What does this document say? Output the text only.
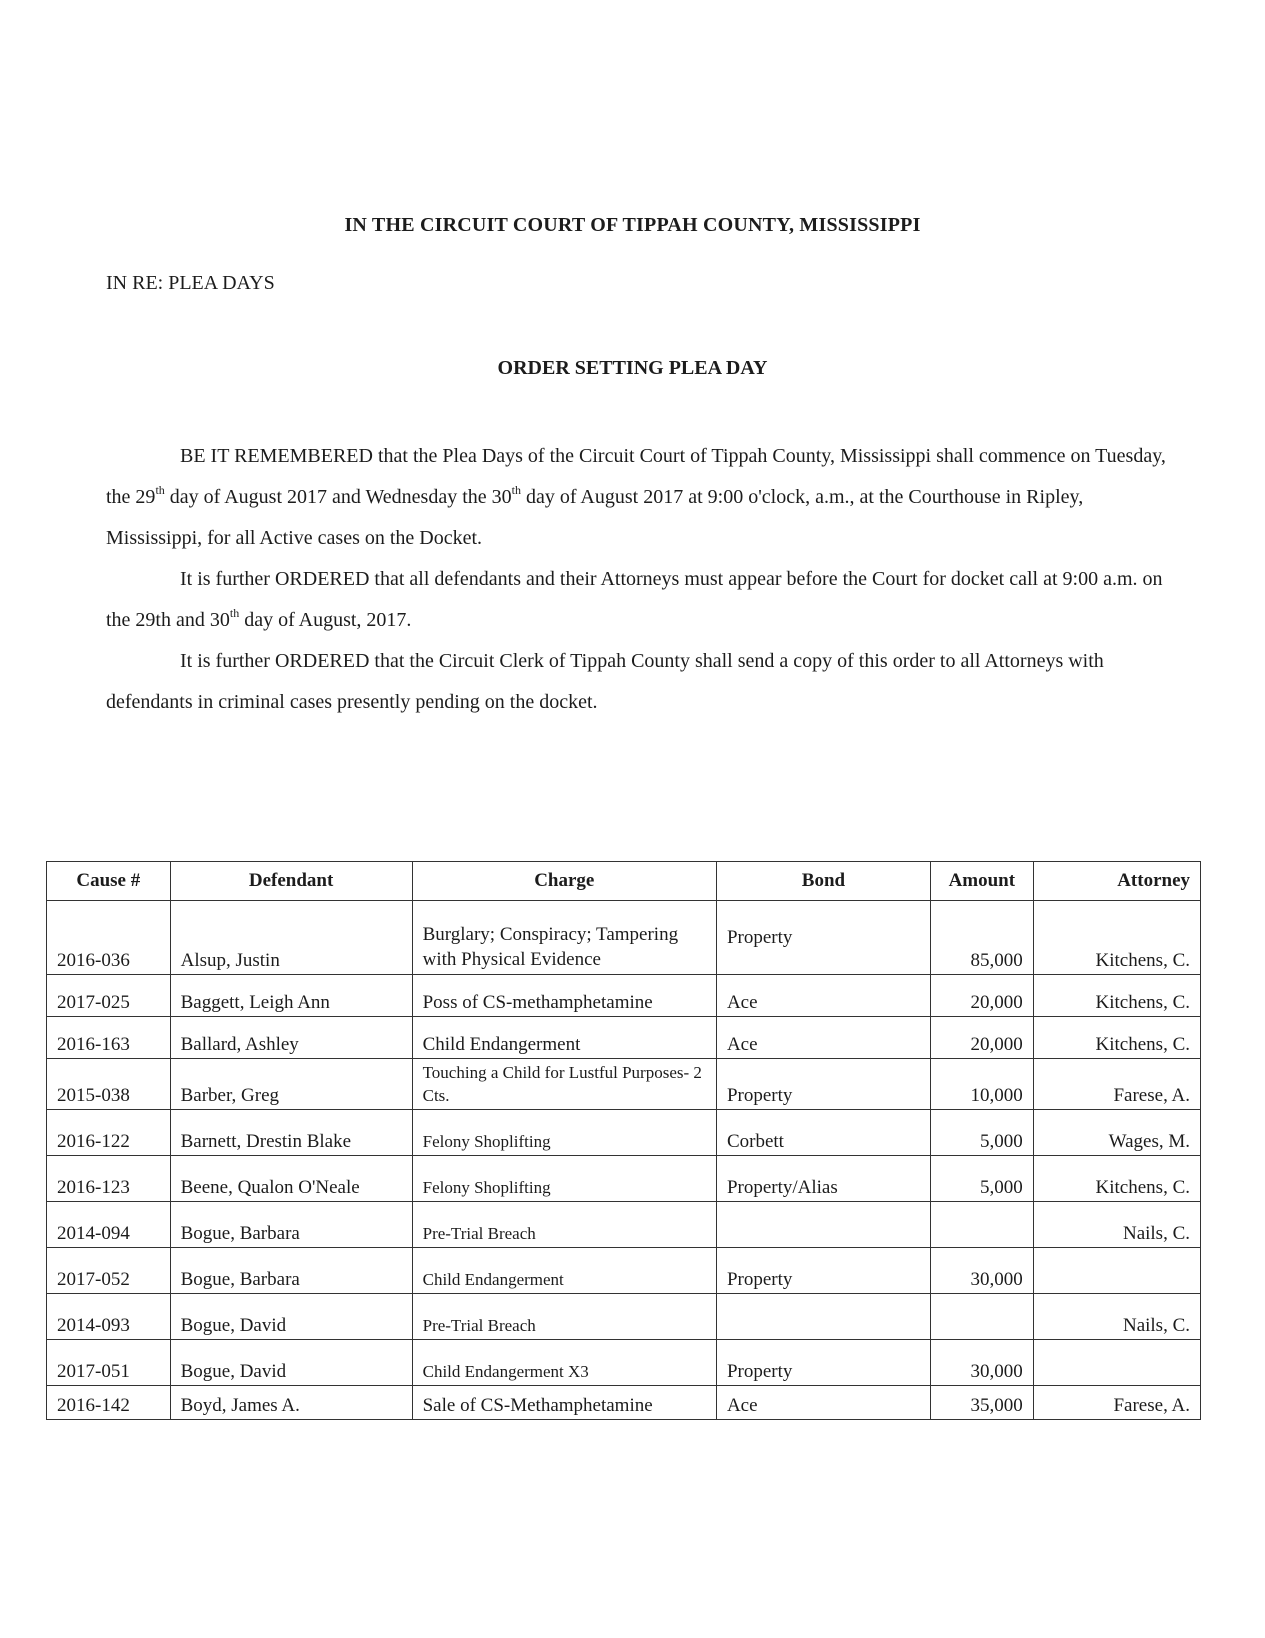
IN THE CIRCUIT COURT OF TIPPAH COUNTY, MISSISSIPPI
IN RE: PLEA DAYS
ORDER SETTING PLEA DAY

BE IT REMEMBERED that the Plea Days of the Circuit Court of Tippah County, Mississippi shall commence on Tuesday, the 29th day of August 2017 and Wednesday the 30th day of August 2017 at 9:00 o'clock, a.m., at the Courthouse in Ripley, Mississippi, for all Active cases on the Docket.

It is further ORDERED that all defendants and their Attorneys must appear before the Court for docket call at 9:00 a.m. on the 29th and 30th day of August, 2017.

It is further ORDERED that the Circuit Clerk of Tippah County shall send a copy of this order to all Attorneys with defendants in criminal cases presently pending on the docket.

Cause #	Defendant	Charge	Bond	Amount	Attorney
2016-036	Alsup, Justin	Burglary; Conspiracy; Tampering with Physical Evidence	Property	85,000	Kitchens, C.
2017-025	Baggett, Leigh Ann	Poss of CS-methamphetamine	Ace	20,000	Kitchens, C.
2016-163	Ballard, Ashley	Child Endangerment	Ace	20,000	Kitchens, C.
2015-038	Barber, Greg	Touching a Child for Lustful Purposes- 2 Cts.	Property	10,000	Farese, A.
2016-122	Barnett, Drestin Blake	Felony Shoplifting	Corbett	5,000	Wages, M.
2016-123	Beene, Qualon O'Neale	Felony Shoplifting	Property/Alias	5,000	Kitchens, C.
2014-094	Bogue, Barbara	Pre-Trial Breach			Nails, C.
2017-052	Bogue, Barbara	Child Endangerment	Property	30,000	
2014-093	Bogue, David	Pre-Trial Breach			Nails, C.
2017-051	Bogue, David	Child Endangerment X3	Property	30,000	
2016-142	Boyd, James A.	Sale of CS-Methamphetamine	Ace	35,000	Farese, A.
